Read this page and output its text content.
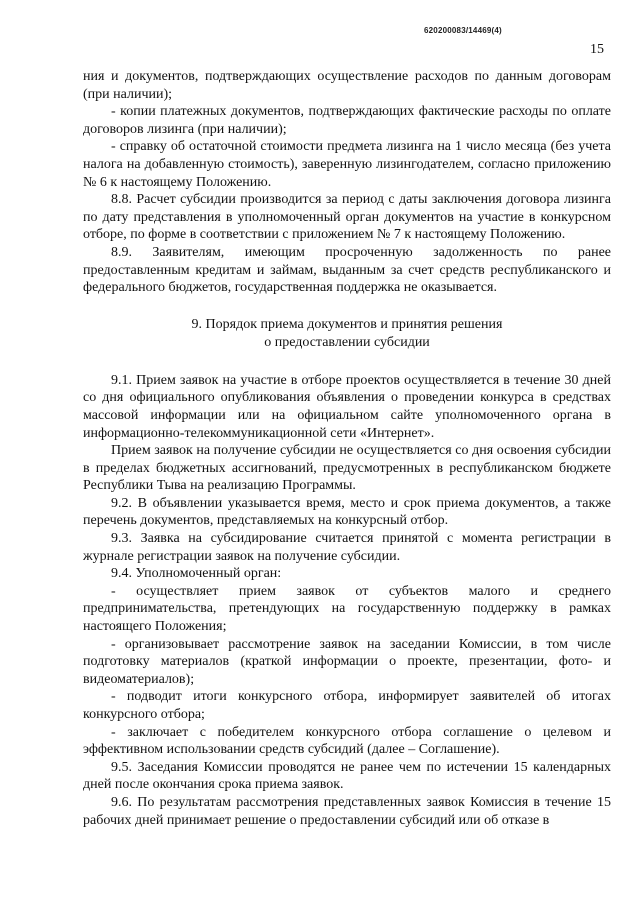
620200083/14469(4)
15

ния и документов, подтверждающих осуществление расходов по данным договорам (при наличии);

- копии платежных документов, подтверждающих фактические расходы по оплате договоров лизинга (при наличии);

- справку об остаточной стоимости предмета лизинга на 1 число месяца (без учета налога на добавленную стоимость), заверенную лизингодателем, согласно приложению № 6 к настоящему Положению.

8.8. Расчет субсидии производится за период с даты заключения договора лизинга по дату представления в уполномоченный орган документов на участие в конкурсном отборе, по форме в соответствии с приложением № 7 к настоящему Положению.

8.9. Заявителям, имеющим просроченную задолженность по ранее предоставленным кредитам и займам, выданным за счет средств республиканского и федерального бюджетов, государственная поддержка не оказывается.

9. Порядок приема документов и принятия решения
о предоставлении субсидии

9.1. Прием заявок на участие в отборе проектов осуществляется в течение 30 дней со дня официального опубликования объявления о проведении конкурса в средствах массовой информации или на официальном сайте уполномоченного органа в информационно-телекоммуникационной сети «Интернет».

Прием заявок на получение субсидии не осуществляется со дня освоения субсидии в пределах бюджетных ассигнований, предусмотренных в республиканском бюджете Республики Тыва на реализацию Программы.

9.2. В объявлении указывается время, место и срок приема документов, а также перечень документов, представляемых на конкурсный отбор.

9.3. Заявка на субсидирование считается принятой с момента регистрации в журнале регистрации заявок на получение субсидии.

9.4. Уполномоченный орган:

- осуществляет прием заявок от субъектов малого и среднего предпринимательства, претендующих на государственную поддержку в рамках настоящего Положения;

- организовывает рассмотрение заявок на заседании Комиссии, в том числе подготовку материалов (краткой информации о проекте, презентации, фото- и видеоматериалов);

- подводит итоги конкурсного отбора, информирует заявителей об итогах конкурсного отбора;

- заключает с победителем конкурсного отбора соглашение о целевом и эффективном использовании средств субсидий (далее – Соглашение).

9.5. Заседания Комиссии проводятся не ранее чем по истечении 15 календарных дней после окончания срока приема заявок.

9.6. По результатам рассмотрения представленных заявок Комиссия в течение 15 рабочих дней принимает решение о предоставлении субсидий или об отказе в
